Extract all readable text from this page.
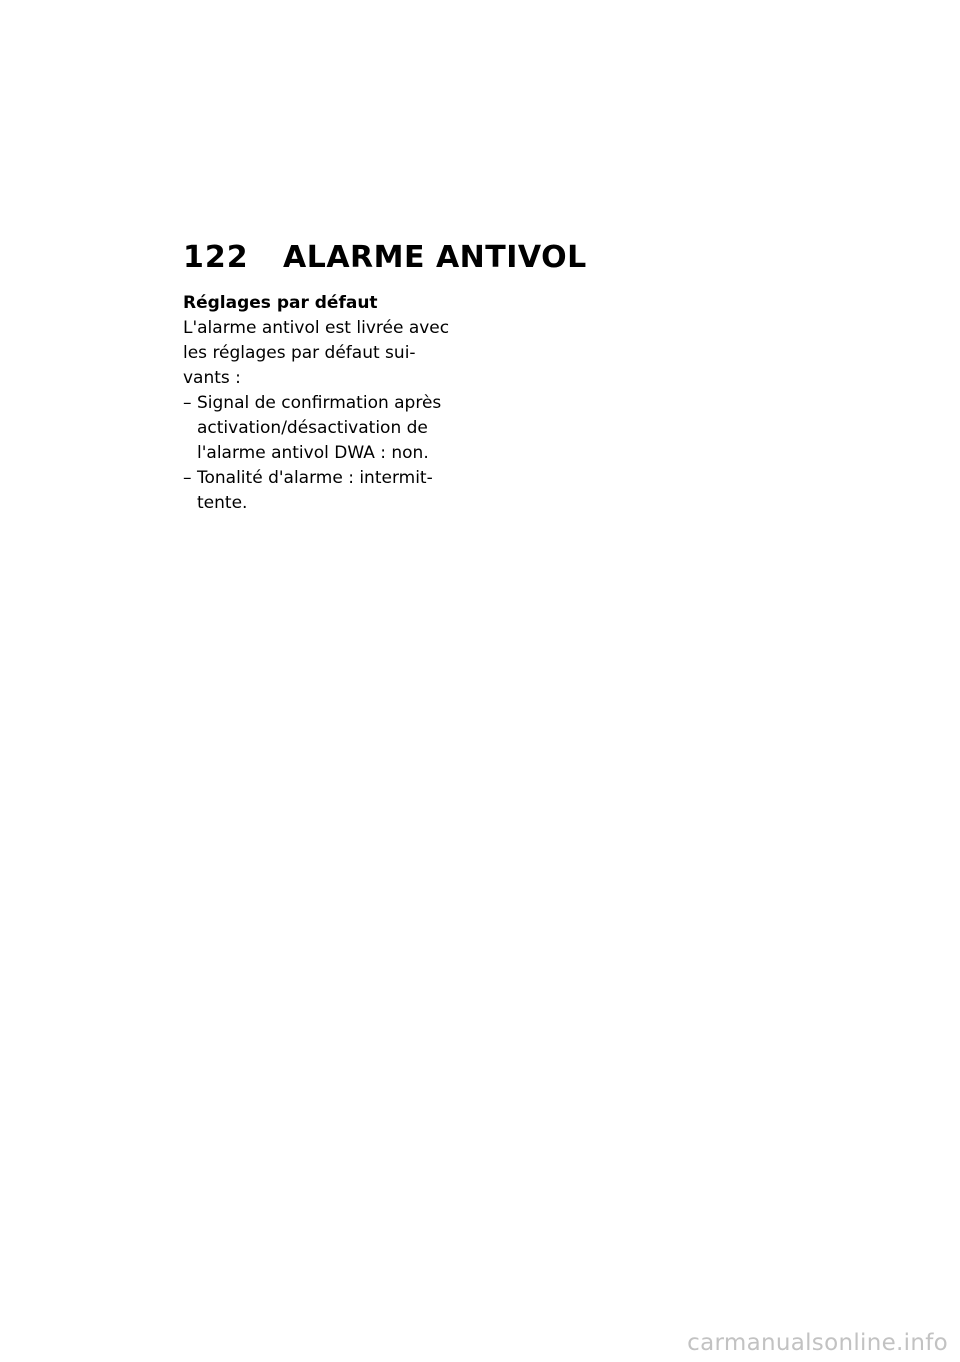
122	ALARME ANTIVOL
Réglages par défaut

L'alarme antivol est livrée avec les réglages par défaut sui-vants :

– Signal de confirmation après activation/désactivation de l'alarme antivol DWA : non.
– Tonalité d'alarme : intermit-tente.
carmanualsonline.info
